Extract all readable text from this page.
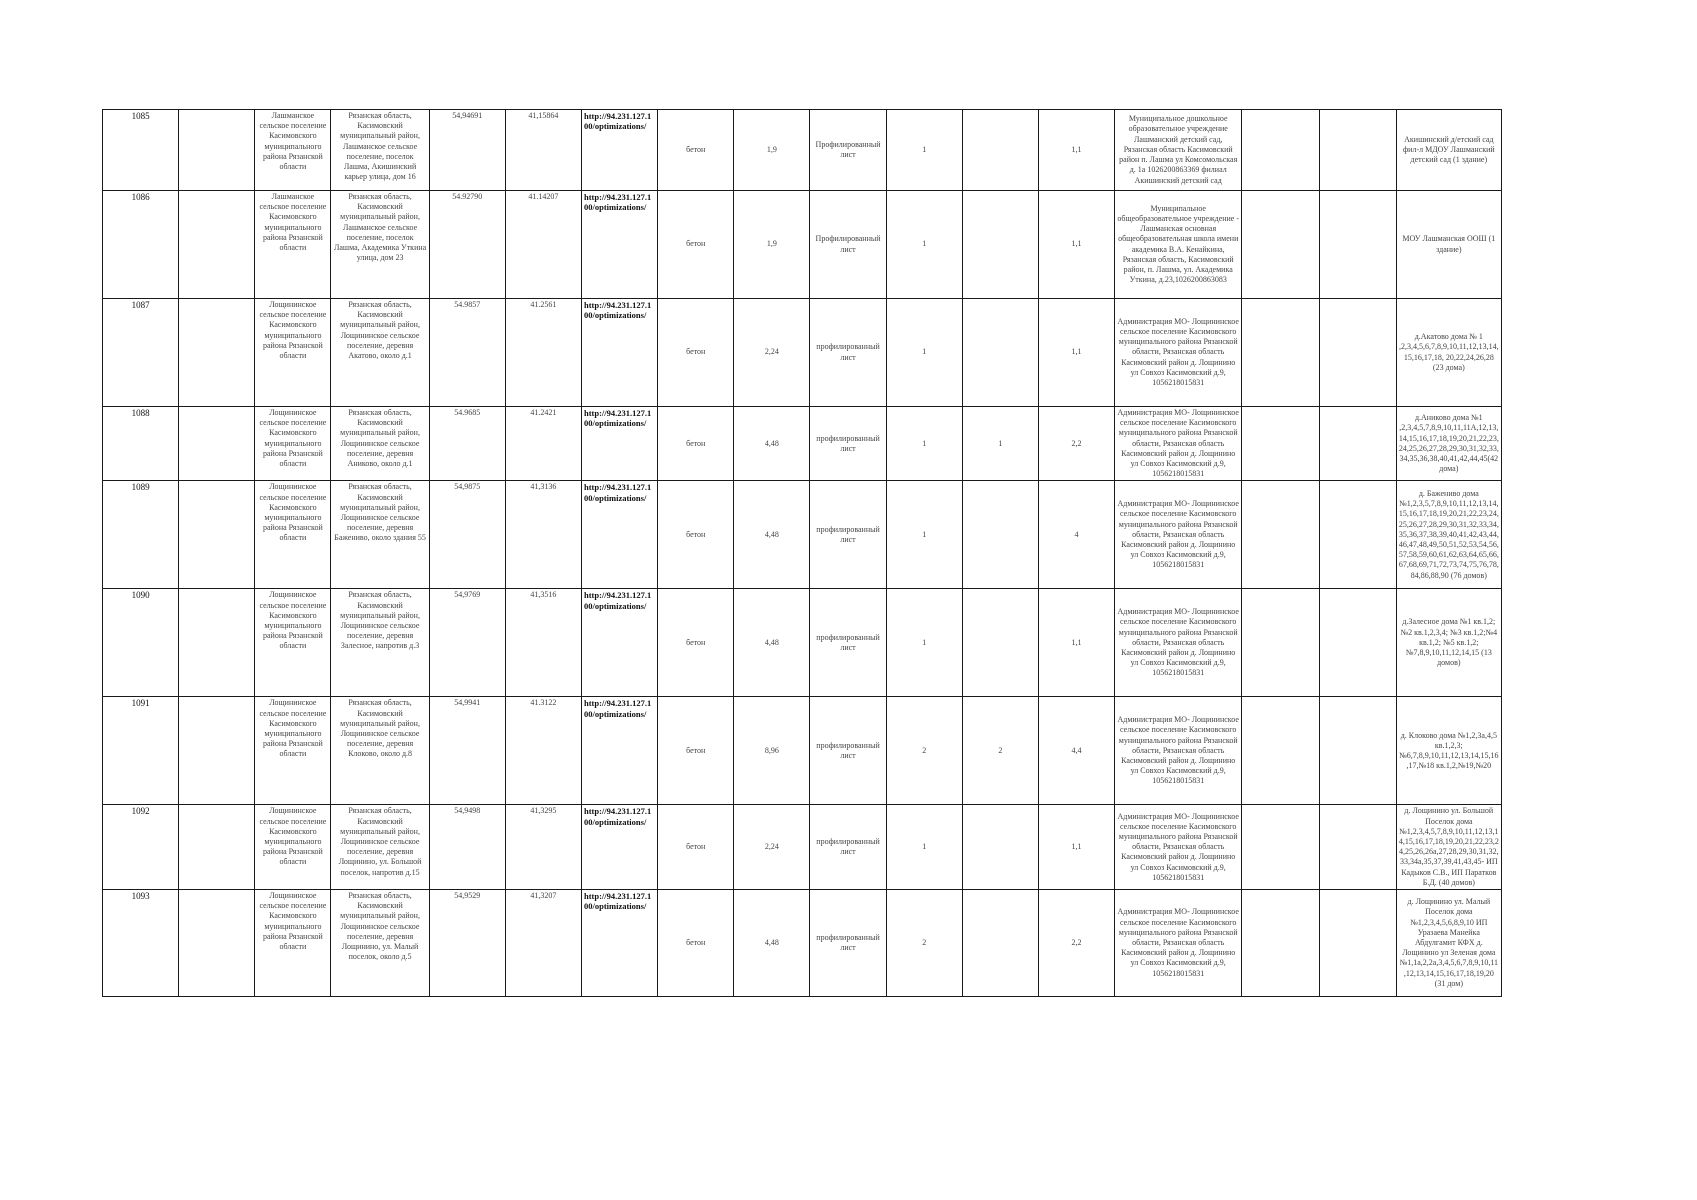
1085		Лашманское сельское поселение Касимовского муниципального района Рязанской области	Рязанская область, Касимовский муниципальный район, Лашманское сельское поселение, поселок Лашма, Акишинский карьер улица, дом 16	54,94691	41,15864	http://94.231.127.100/optimizations/	бетон	1,9	Профилированный лист	1		1,1	Муниципальное дошкольное образовательное учреждение Лашманский детский сад, Рязанская область Касимовский район п. Лашма ул Комсомольская д. 1а 1026200863369 филиал Акишинский детский сад			Акишинский д/етский сад фил-л МДОУ Лашманский детский сад (1 здание)
1086		Лашманское сельское поселение Касимовского муниципального района Рязанской области	Рязанская область, Касимовский муниципальный район, Лашманское сельское поселение, поселок Лашма, Академика Уткина улица, дом 23	54.92790	41.14207	http://94.231.127.100/optimizations/	бетон	1,9	Профилированный лист	1		1,1	Муниципальное общеобразовательное учреждение - Лашманская основная общеобразовательная школа имени академика В.А. Кенайкина, Рязанская область, Касимовский район, п. Лашма, ул. Академика Уткина, д.23,1026200863083			МОУ Лашманская ООШ (1 здание)
1087		Лощининское сельское поселение Касимовского муниципального района Рязанской области	Рязанская область, Касимовский муниципальный район, Лощининское сельское поселение, деревня Акатово, около д.1	54.9857	41.2561	http://94.231.127.100/optimizations/	бетон	2,24	профилированный лист	1		1,1	Администрация МО- Лощининское сельское поселение Касимовского муниципального района Рязанской области, Рязанская область Касимовский район д. Лощинино ул Совхоз Касимовский д.9, 1056218015831			д.Акатово дома № 1 ,2,3,4,5,6,7,8,9,10,11,12,13,14,15,16,17,18, 20,22,24,26,28 (23 дома)
1088		Лощининское сельское поселение Касимовского муниципального района Рязанской области	Рязанская область, Касимовский муниципальный район, Лощининское сельское поселение, деревня Аниково, около д.1	54.9685	41.2421	http://94.231.127.100/optimizations/	бетон	4,48	профилированный лист	1	1	2,2	Администрация МО- Лощининское сельское поселение Касимовского муниципального района Рязанской области, Рязанская область Касимовский район д. Лощинино ул Совхоз Касимовский д.9, 1056218015831			д.Аниково дома №1 ,2,3,4,5,7,8,9,10,11,11А,12,13,14,15,16,17,18,19,20,21,22,23,24,25,26,27,28,29,30,31,32,33,34,35,36,38,40,41,42,44,45(42 дома)
1089		Лощининское сельское поселение Касимовского муниципального района Рязанской области	Рязанская область, Касимовский муниципальный район, Лощининское сельское поселение, деревня Бажениво, около здания 55	54,9875	41,3136	http://94.231.127.100/optimizations/	бетон	4,48	профилированный лист	1		4	Администрация МО- Лощининское сельское поселение Касимовского муниципального района Рязанской области, Рязанская область Касимовский район д. Лощинино ул Совхоз Касимовский д.9, 1056218015831			д. Бажениво дома №1,2,3,5,7,8,9,10,11,12,13,14,15,16,17,18,19,20,21,22,23,24,25,26,27,28,29,30,31,32,33,34,35,36,37,38,39,40,41,42,43,44,46,47,48,49,50,51,52,53,54,56,57,58,59,60,61,62,63,64,65,66,67,68,69,71,72,73,74,75,76,78,84,86,88,90 (76 домов)
1090		Лощининское сельское поселение Касимовского муниципального района Рязанской области	Рязанская область, Касимовский муниципальный район, Лощининское сельское поселение, деревня Залесное, напротив д.3	54,9769	41,3516	http://94.231.127.100/optimizations/	бетон	4,48	профилированный лист	1		1,1	Администрация МО- Лощининское сельское поселение Касимовского муниципального района Рязанской области, Рязанская область Касимовский район д. Лощинино ул Совхоз Касимовский д.9, 1056218015831			д.Залесное дома №1 кв.1,2; №2 кв.1,2,3,4; №3 кв.1,2;№4 кв.1,2; №5 кв.1,2; №7,8,9,10,11,12,14,15 (13 домов)
1091		Лощининское сельское поселение Касимовского муниципального района Рязанской области	Рязанская область, Касимовский муниципальный район, Лощининское сельское поселение, деревня Клоково, около д.8	54,9941	41.3122	http://94.231.127.100/optimizations/	бетон	8,96	профилированный лист	2	2	4,4	Администрация МО- Лощининское сельское поселение Касимовского муниципального района Рязанской области, Рязанская область Касимовский район д. Лощинино ул Совхоз Касимовский д.9, 1056218015831			д. Клоково дома №1,2,3а,4,5 кв.1,2,3; №6,7,8,9,10,11,12,13,14,15,16,17,№18 кв.1,2,№19,№20
1092		Лощининское сельское поселение Касимовского муниципального района Рязанской области	Рязанская область, Касимовский муниципальный район, Лощининское сельское поселение, деревня Лощинино, ул. Большой поселок, напротив д.15	54,9498	41,3295	http://94.231.127.100/optimizations/	бетон	2,24	профилированный лист	1		1,1	Администрация МО- Лощининское сельское поселение Касимовского муниципального района Рязанской области, Рязанская область Касимовский район д. Лощинино ул Совхоз Касимовский д.9, 1056218015831			д. Лощинино ул. Большой Поселок дома №1,2,3,4,5,7,8,9,10,11,12,13,14,15,16,17,18,19,20,21,22,23,24,25,26,26а,27,28,29,30,31,32,33,34а,35,37,39,41,43,45- ИП Кадыков С.В., ИП Паратков Б.Д. (40 домов)
1093		Лощининское сельское поселение Касимовского муниципального района Рязанской области	Рязанская область, Касимовский муниципальный район, Лощининское сельское поселение, деревня Лощинино, ул. Малый поселок, около д.5	54,9529	41,3207	http://94.231.127.100/optimizations/	бетон	4,48	профилированный лист	2		2,2	Администрация МО- Лощининское сельское поселение Касимовского муниципального района Рязанской области, Рязанская область Касимовский район д. Лощинино ул Совхоз Касимовский д.9, 1056218015831			д. Лощинино ул. Малый Поселок дома №1,2,3,4,5,6,8,9,10 ИП Уразаева Манейка Абдулгамит КФХ д. Лощинино ул Зеленая дома №1,1а,2,2а,3,4,5,6,7,8,9,10,11,12,13,14,15,16,17,18,19,20 (31 дом)
